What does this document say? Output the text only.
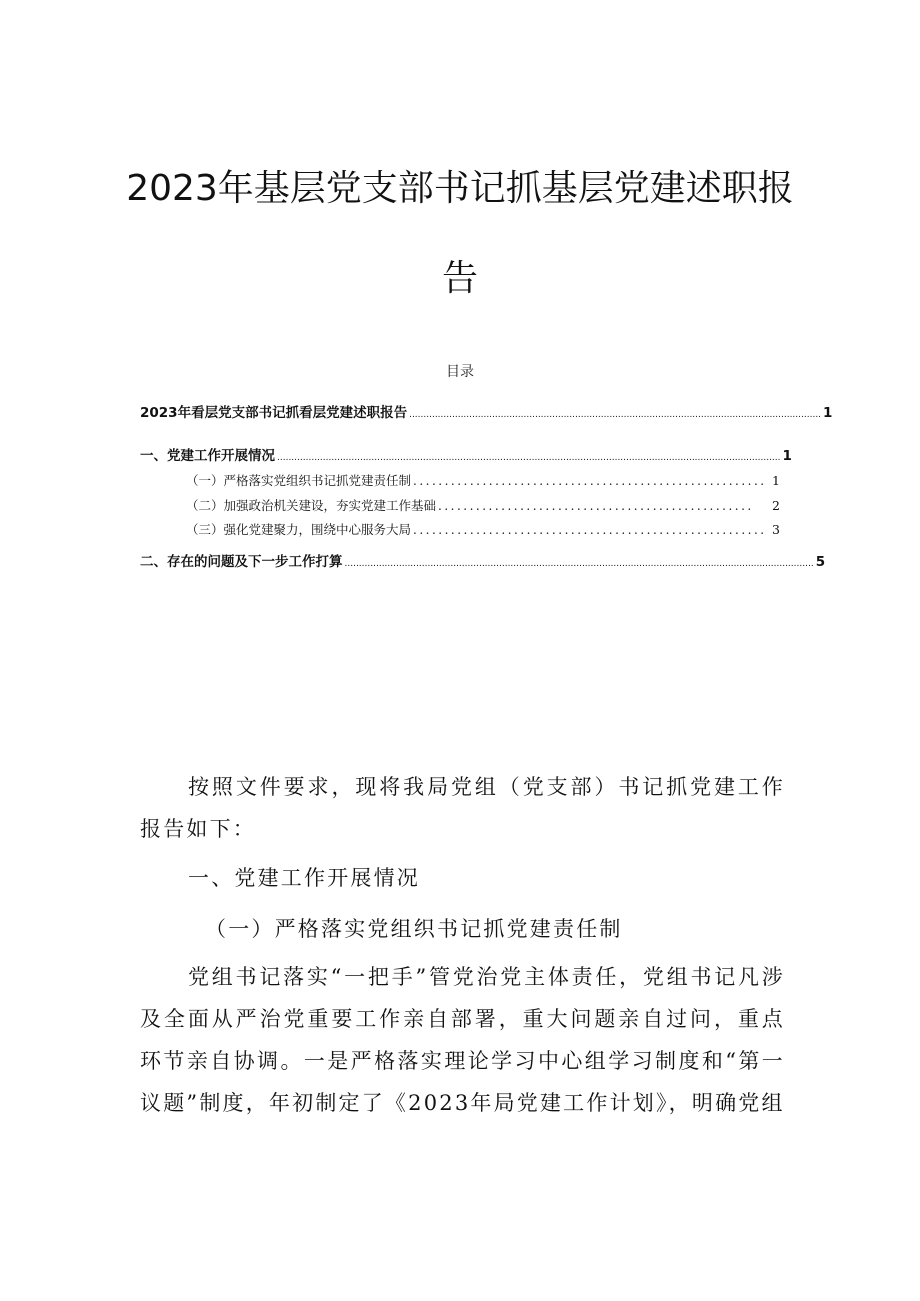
2023年基层党支部书记抓基层党建述职报
告
目录
2023年看层党支部书记抓看层党建述职报告 ................................................................................................................................................ 1
一、党建工作开展情况 ................................................................................................................................................................................ 1
（一）严格落实党组织书记抓党建责任制 ........................................................ 1
（二）加强政治机关建设，夯实党建工作基础 ..................................................	2
（三）强化党建聚力，围绕中心服务大局 ........................................................ 3
二、存在的问题及下一步工作打算 .................................................................................................................................................................... 5
按照文件要求，现将我局党组（党支部）书记抓党建工作报告如下：
一、党建工作开展情况
（一）严格落实党组织书记抓党建责任制
党组书记落实“一把手”管党治党主体责任，党组书记凡涉及全面从严治党重要工作亲自部署，重大问题亲自过问，重点环节亲自协调。一是严格落实理论学习中心组学习制度和“第一议题”制度，年初制定了《2023年局党建工作计划》，明确党组
